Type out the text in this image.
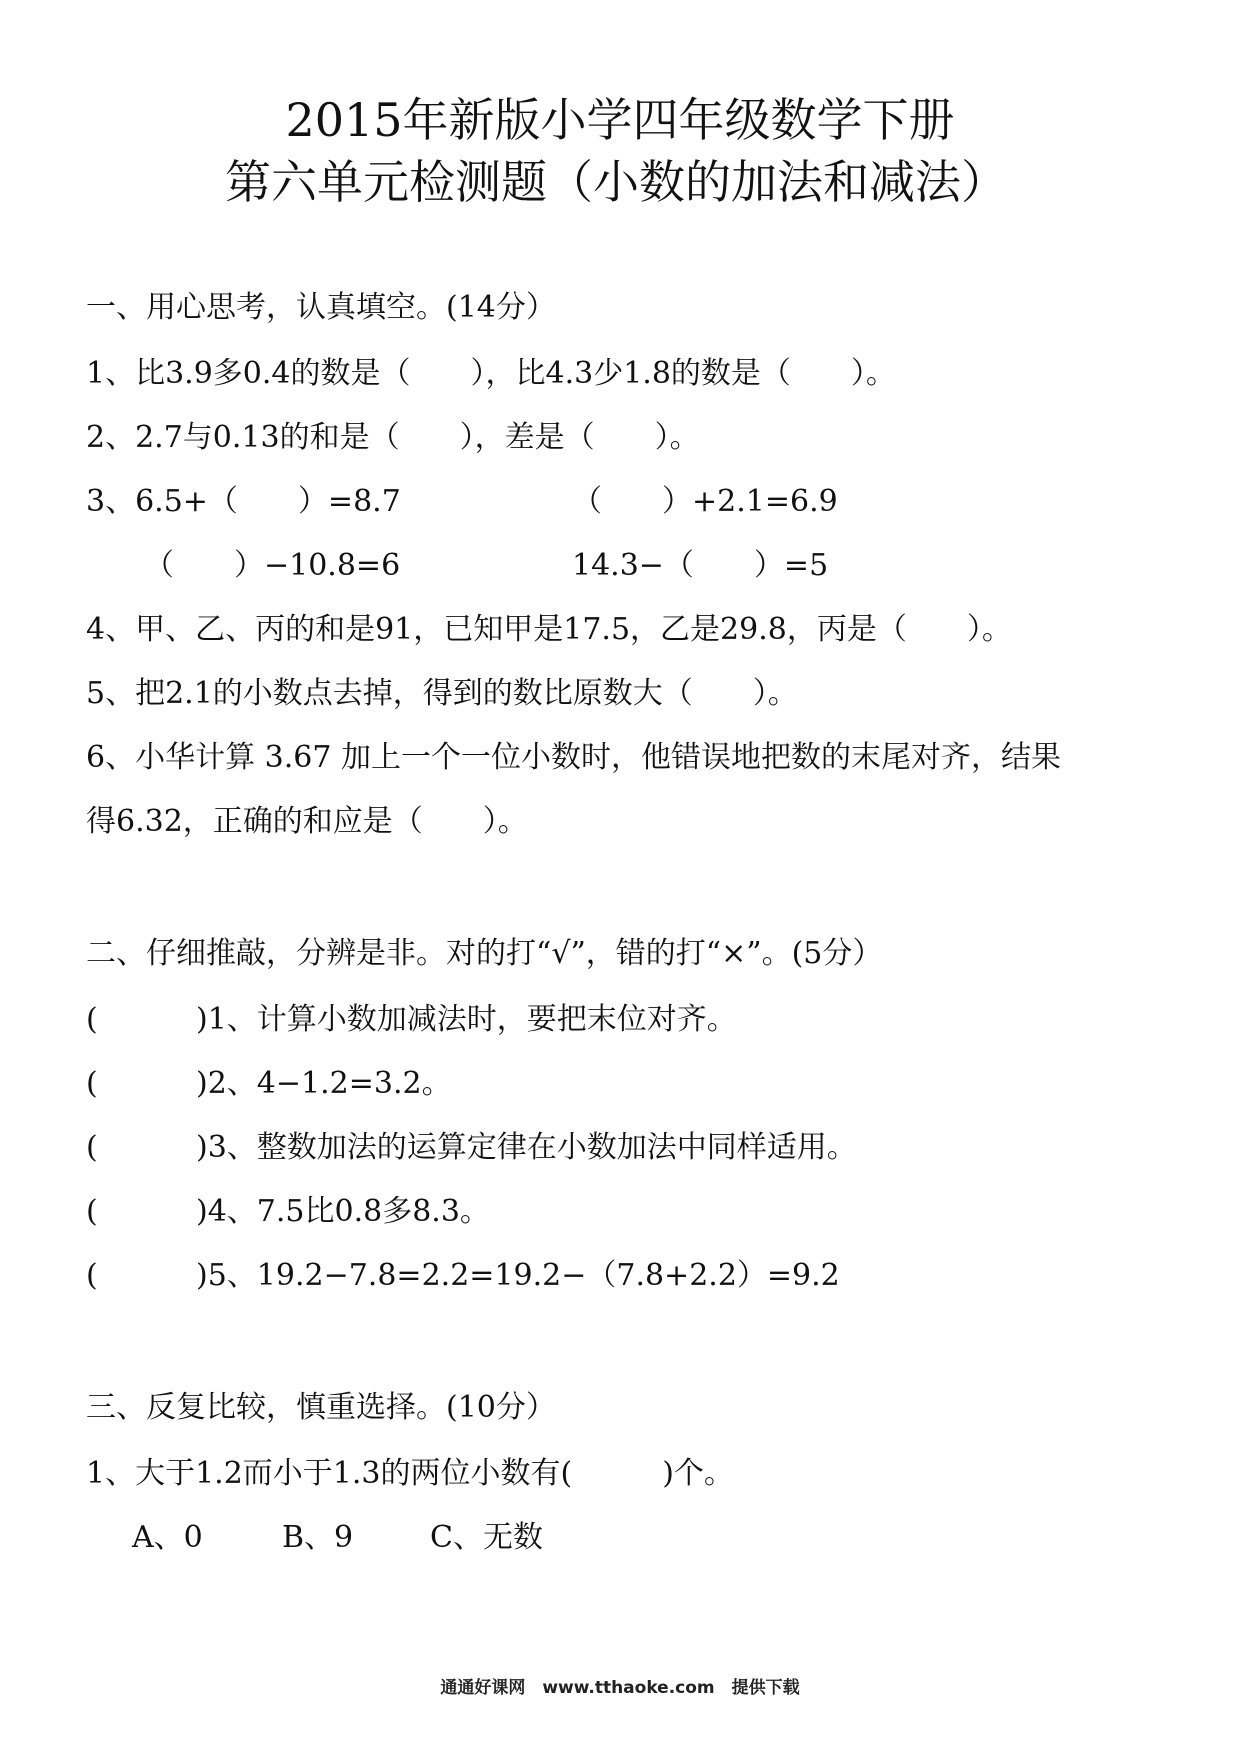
2015年新版小学四年级数学下册
第六单元检测题（小数的加法和减法）
一、用心思考，认真填空。(14分）
1、比3.9多0.4的数是（　　），比4.3少1.8的数是（　　）。
2、2.7与0.13的和是（　　），差是（　　）。
3、6.5+（　　）=8.7	（　　）+2.1=6.9
（　　）−10.8=6	14.3−（　　）=5
4、甲、乙、丙的和是91，已知甲是17.5，乙是29.8，丙是（　　）。
5、把2.1的小数点去掉，得到的数比原数大（　　）。
6、小华计算 3.67 加上一个一位小数时，他错误地把数的末尾对齐，结果
得6.32，正确的和应是（　　）。
二、仔细推敲，分辨是非。对的打“√”，错的打“×”。(5分）
(	)1、计算小数加减法时，要把末位对齐。
(	)2、4−1.2=3.2。
(	)3、整数加法的运算定律在小数加法中同样适用。
(	)4、7.5比0.8多8.3。
(	)5、19.2−7.8=2.2=19.2−（7.8+2.2）=9.2
三、反复比较，慎重选择。(10分）
1、大于1.2而小于1.3的两位小数有(　　　)个。
A、0	B、9	C、无数
通通好课网　www.tthaoke.com　提供下载
